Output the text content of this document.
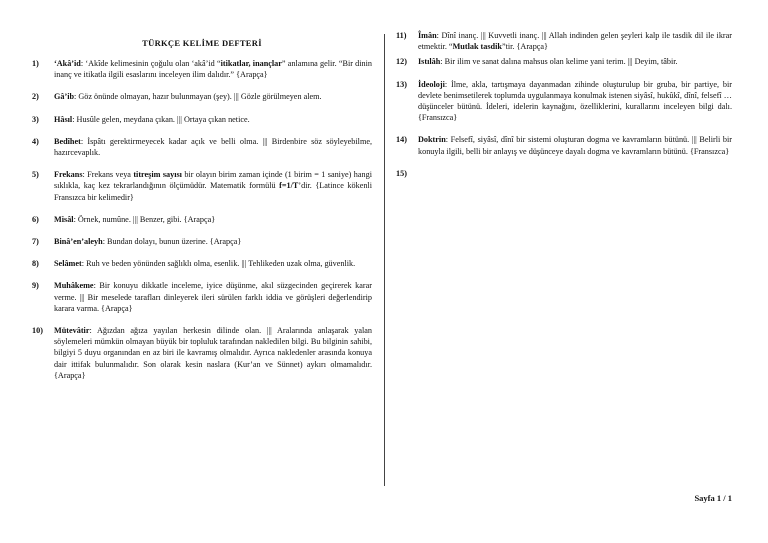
TÜRKÇE KELİME DEFTERİ
1)	‘Akâ’id: ‘Akîde kelimesinin çoğulu olan ‘akâ’id “itikatlar, inançlar” anlamına gelir. “Bir dinin inanç ve itikatla ilgili esaslarını inceleyen ilim dalıdır.” {Arapça}
2)	Gâ’ib: Göz önünde olmayan, hazır bulunmayan (şey). ||| Gözle görülmeyen alem.
3)	Hâsıl: Husûle gelen, meydana çıkan. ||| Ortaya çıkan netice.
4)	Bedîhet: İspâtı gerektirmeyecek kadar açık ve belli olma. ||| Birdenbire söz söyleyebilme, hazırcevaplık.
5)	Frekans: Frekans veya titreşim sayısı bir olayın birim zaman içinde (1 birim = 1 saniye) hangi sıklıkla, kaç kez tekrarlandığının ölçümüdür. Matematik formülü f=1/T’dir. {Latince kökenli Fransızca bir kelimedir}
6)	Misâl: Örnek, numûne. ||| Benzer, gibi. {Arapça}
7)	Binâ’en’aleyh: Bundan dolayı, bunun üzerine. {Arapça}
8)	Selâmet: Ruh ve beden yönünden sağlıklı olma, esenlik. ||| Tehlikeden uzak olma, güvenlik.
9)	Muhâkeme: Bir konuyu dikkatle inceleme, iyice düşünme, akıl süzgecinden geçirerek karar verme. ||| Bir meselede tarafları dinleyerek ileri sürülen farklı iddia ve görüşleri değerlendirip karara varma. {Arapça}
10)	Mütevâtir: Ağızdan ağıza yayılan herkesin dilinde olan. ||| Aralarında anlaşarak yalan söylemeleri mümkün olmayan büyük bir topluluk tarafından nakledilen bilgi. Bu bilginin sahibi, bilgiyi 5 duyu organından en az biri ile kavramış olmalıdır. Ayrıca nakledenler arasında konuya dair ittifak bulunmalıdır. Son olarak kesin naslara (Kur’an ve Sünnet) aykırı olmamalıdır. {Arapça}
11)	Îmân: Dînî inanç. ||| Kuvvetli inanç. ||| Allah indinden gelen şeyleri kalp ile tasdik dil ile ikrar etmektir. “Mutlak tasdik”tir. {Arapça}
12)	Istılâh: Bir ilim ve sanat dalına mahsus olan kelime yani terim. ||| Deyim, tâbir.
13)	İdeoloji: İlme, akla, tartışmaya dayanmadan zihinde oluşturulup bir gruba, bir partiye, bir devlete benimsetilerek toplumda uygulanmaya konulmak istenen siyâsî, hukûkî, dînî, felsefî … düşünceler bütünü. İdeleri, idelerin kaynağını, özelliklerini, kurallarını inceleyen bilgi dalı. {Fransızca}
14)	Doktrin: Felsefî, siyâsî, dînî bir sistemi oluşturan dogma ve kavramların bütünü. ||| Belirli bir konuyla ilgili, belli bir anlayış ve düşünceye dayalı dogma ve kavramların bütünü. {Fransızca}
15)
Sayfa 1 / 1
